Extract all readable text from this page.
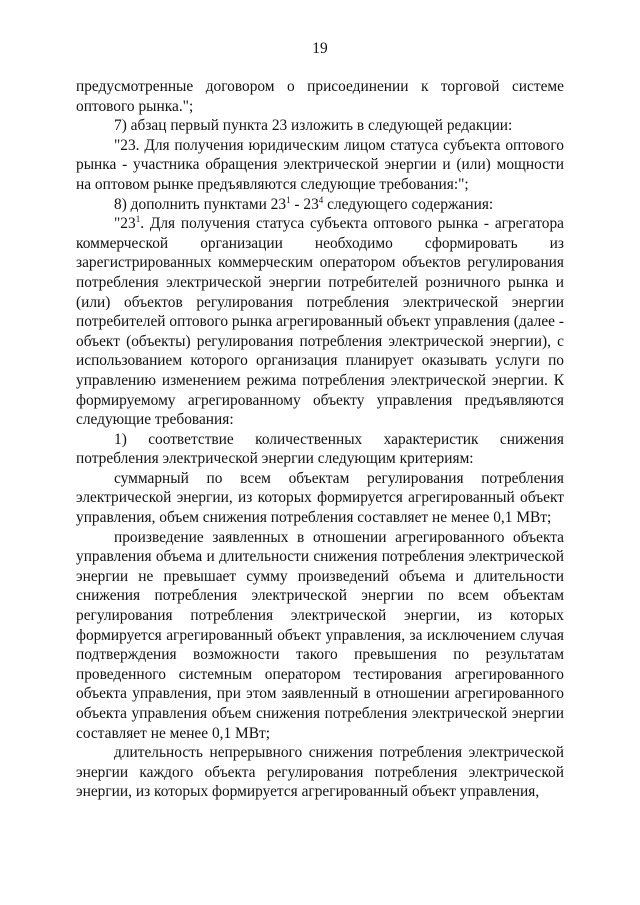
19

предусмотренные договором о присоединении к торговой системе оптового рынка.";

7) абзац первый пункта 23 изложить в следующей редакции:

"23. Для получения юридическим лицом статуса субъекта оптового рынка - участника обращения электрической энергии и (или) мощности на оптовом рынке предъявляются следующие требования:";

8) дополнить пунктами $23^1 - 23^4$ следующего содержания:

"$23^1$. Для получения статуса субъекта оптового рынка - агрегатора коммерческой организации необходимо сформировать из зарегистрированных коммерческим оператором объектов регулирования потребления электрической энергии потребителей розничного рынка и (или) объектов регулирования потребления электрической энергии потребителей оптового рынка агрегированный объект управления (далее - объект (объекты) регулирования потребления электрической энергии), с использованием которого организация планирует оказывать услуги по управлению изменением режима потребления электрической энергии. К формируемому агрегированному объекту управления предъявляются следующие требования:

1) соответствие количественных характеристик снижения потребления электрической энергии следующим критериям:

суммарный по всем объектам регулирования потребления электрической энергии, из которых формируется агрегированный объект управления, объем снижения потребления составляет не менее 0,1 МВт;

произведение заявленных в отношении агрегированного объекта управления объема и длительности снижения потребления электрической энергии не превышает сумму произведений объема и длительности снижения потребления электрической энергии по всем объектам регулирования потребления электрической энергии, из которых формируется агрегированный объект управления, за исключением случая подтверждения возможности такого превышения по результатам проведенного системным оператором тестирования агрегированного объекта управления, при этом заявленный в отношении агрегированного объекта управления объем снижения потребления электрической энергии составляет не менее 0,1 МВт;

длительность непрерывного снижения потребления электрической энергии каждого объекта регулирования потребления электрической энергии, из которых формируется агрегированный объект управления,
